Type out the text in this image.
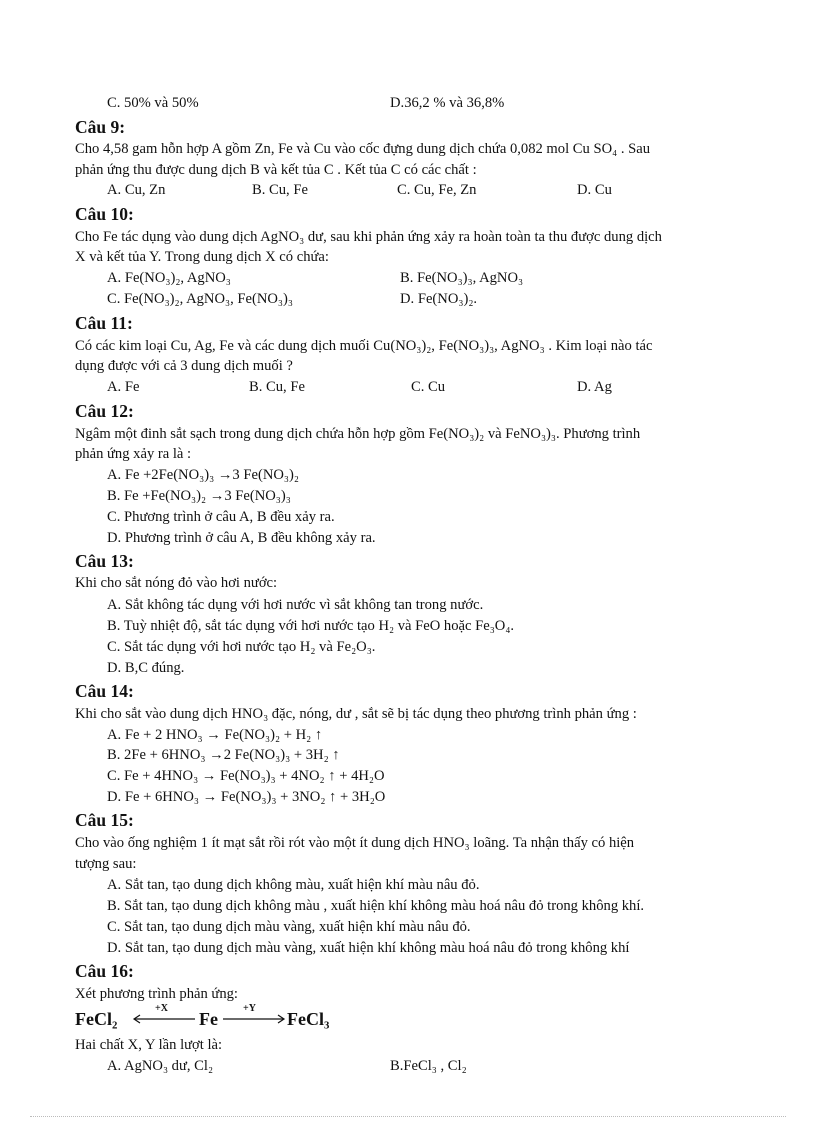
C. 50% và 50%	D.36,2 % và 36,8%
Câu 9:
Cho 4,58 gam hỗn hợp A gồm Zn, Fe và Cu vào cốc đựng dung dịch chứa 0,082 mol Cu SO₄ . Sau
phản ứng thu được dung dịch B và kết tủa C . Kết tủa C có các chất :
A. Cu, Zn	B. Cu, Fe	C. Cu, Fe, Zn	D. Cu
Câu 10:
Cho Fe tác dụng vào dung dịch AgNO₃ dư, sau khi phản ứng xảy ra hoàn toàn ta thu được dung dịch
X và kết tủa Y. Trong dung dịch X có chứa:
A. Fe(NO₃)₂, AgNO₃	B. Fe(NO₃)₃, AgNO₃
C. Fe(NO₃)₂, AgNO₃, Fe(NO₃)₃	D. Fe(NO₃)₂.
Câu 11:
Có các kim loại Cu, Ag, Fe và các dung dịch muối Cu(NO₃)₂, Fe(NO₃)₃, AgNO₃ . Kim loại nào tác
dụng được với cả 3 dung dịch muối ?
A. Fe	B. Cu, Fe	C. Cu	D. Ag
Câu 12:
Ngâm một đinh sắt sạch trong dung dịch chứa hỗn hợp gồm Fe(NO₃)₂ và FeNO₃)₃. Phương trình
phản ứng xảy ra là :
A. Fe +2Fe(NO₃)₃ →3 Fe(NO₃)₂
B. Fe +Fe(NO₃)₂ →3 Fe(NO₃)₃
C. Phương trình ở câu A, B đều xảy ra.
D. Phương trình ở câu A, B đều không xảy ra.
Câu 13:
Khi cho sắt nóng đỏ vào hơi nước:
A. Sắt không tác dụng với hơi nước vì sắt không tan trong nước.
B. Tuỳ nhiệt độ, sắt tác dụng với hơi nước tạo H₂ và FeO hoặc Fe₃O₄.
C. Sắt tác dụng với hơi nước tạo H₂ và Fe₂O₃.
D. B,C đúng.
Câu 14:
Khi cho sắt vào dung dịch HNO₃ đặc, nóng, dư , sắt sẽ bị tác dụng theo phương trình phản ứng :
A. Fe + 2 HNO₃ → Fe(NO₃)₂ + H₂ ↑
B. 2Fe + 6HNO₃ →2 Fe(NO₃)₃ + 3H₂ ↑
C. Fe + 4HNO₃ → Fe(NO₃)₃ + 4NO₂ ↑ + 4H₂O
D. Fe + 6HNO₃ → Fe(NO₃)₃ + 3NO₂ ↑ + 3H₂O
Câu 15:
Cho vào ống nghiệm 1 ít mạt sắt rồi rót vào một ít dung dịch HNO₃ loãng. Ta nhận thấy có hiện
tượng sau:
A. Sắt tan, tạo dung dịch không màu, xuất hiện khí màu nâu đỏ.
B. Sắt tan, tạo dung dịch không màu , xuất hiện khí không màu hoá nâu đỏ trong không khí.
C. Sắt tan, tạo dung dịch màu vàng, xuất hiện khí màu nâu đỏ.
D. Sắt tan, tạo dung dịch màu vàng, xuất hiện khí không màu hoá nâu đỏ trong không khí
Câu 16:
Xét phương trình phản ứng:
FeCl₂
+X
Fe
+Y
FeCl₃
Hai chất X, Y lần lượt là:
A. AgNO₃ dư, Cl₂	B.FeCl₃ , Cl₂
